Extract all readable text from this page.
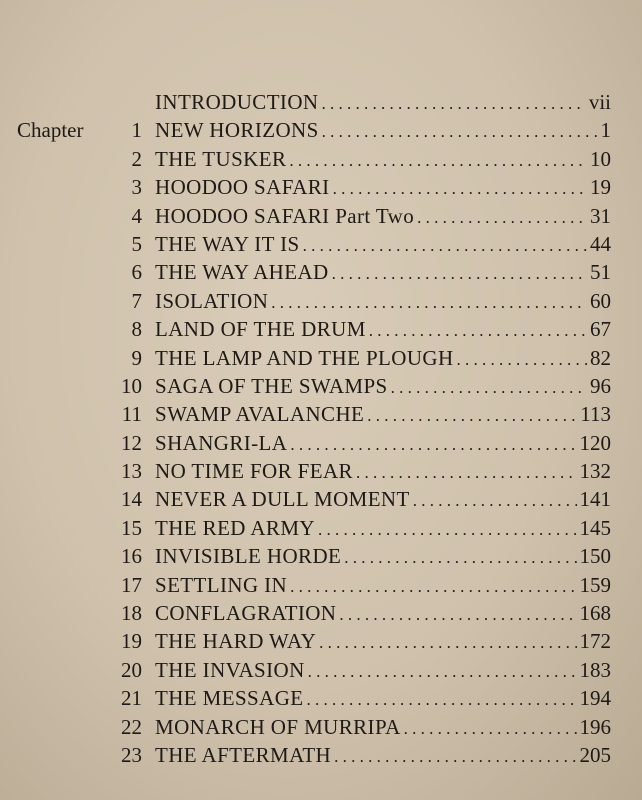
INTRODUCTION . . .	vii
Chapter 1 NEW HORIZONS . . .	1
2 THE TUSKER . . .	10
3 HOODOO SAFARI . . .	19
4 HOODOO SAFARI Part Two . . .	31
5 THE WAY IT IS . . .	44
6 THE WAY AHEAD . . .	51
7 ISOLATION . . .	60
8 LAND OF THE DRUM . . .	67
9 THE LAMP AND THE PLOUGH . . .	82
10 SAGA OF THE SWAMPS . . .	96
11 SWAMP AVALANCHE . . .	113
12 SHANGRI-LA . . .	120
13 NO TIME FOR FEAR . . .	132
14 NEVER A DULL MOMENT . . .	141
15 THE RED ARMY . . .	145
16 INVISIBLE HORDE . . .	150
17 SETTLING IN . . .	159
18 CONFLAGRATION . . .	168
19 THE HARD WAY . . .	172
20 THE INVASION . . .	183
21 THE MESSAGE . . .	194
22 MONARCH OF MURRIPA . . .	196
23 THE AFTERMATH . . .	205
